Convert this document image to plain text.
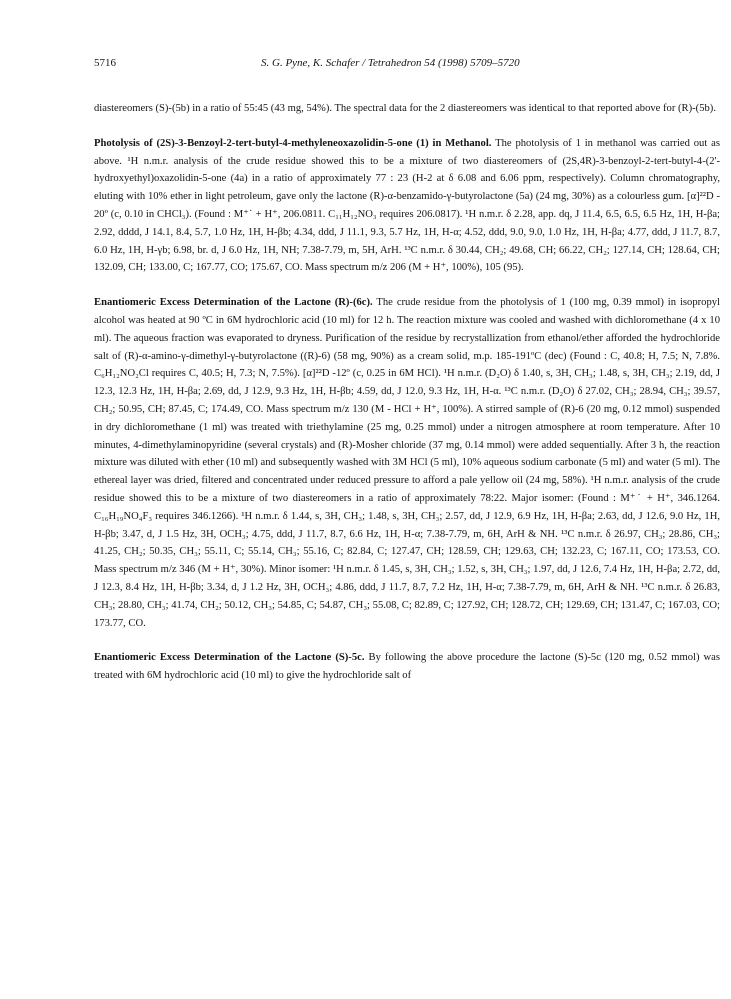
5716	S. G. Pyne, K. Schafer / Tetrahedron 54 (1998) 5709–5720

diastereomers (S)-(5b) in a ratio of 55:45 (43 mg, 54%). The spectral data for the 2 diastereomers was identical to that reported above for (R)-(5b).

Photolysis of (2S)-3-Benzoyl-2-tert-butyl-4-methyleneoxazolidin-5-one (1) in Methanol. The photolysis of 1 in methanol was carried out as above. ¹H n.m.r. analysis of the crude residue showed this to be a mixture of two diastereomers of (2S,4R)-3-benzoyl-2-tert-butyl-4-(2'-hydroxyethyl)oxazolidin-5-one (4a) in a ratio of approximately 77 : 23 (H-2 at δ 6.08 and 6.06 ppm, respectively). Column chromatography, eluting with 10% ether in light petroleum, gave only the lactone (R)-α-benzamido-γ-butyrolactone (5a) (24 mg, 30%) as a colourless gum. [α]²²D - 20º (c, 0.10 in CHCl₃). (Found : M⁺˙ + H⁺, 206.0811. C₁₁H₁₂NO₃ requires 206.0817). ¹H n.m.r. δ 2.28, app. dq, J 11.4, 6.5, 6.5, 6.5 Hz, 1H, H-βa; 2.92, dddd, J 14.1, 8.4, 5.7, 1.0 Hz, 1H, H-βb; 4.34, ddd, J 11.1, 9.3, 5.7 Hz, 1H, H-α; 4.52, ddd, 9.0, 9.0, 1.0 Hz, 1H, H-βa; 4.77, ddd, J 11.7, 8.7, 6.0 Hz, 1H, H-γb; 6.98, br. d, J 6.0 Hz, 1H, NH; 7.38-7.79, m, 5H, ArH. ¹³C n.m.r. δ 30.44, CH₂; 49.68, CH; 66.22, CH₂; 127.14, CH; 128.64, CH; 132.09, CH; 133.00, C; 167.77, CO; 175.67, CO. Mass spectrum m/z 206 (M + H⁺, 100%), 105 (95).

Enantiomeric Excess Determination of the Lactone (R)-(6c). The crude residue from the photolysis of 1 (100 mg, 0.39 mmol) in isopropyl alcohol was heated at 90 ºC in 6M hydrochloric acid (10 ml) for 12 h. The reaction mixture was cooled and washed with dichloromethane (4 x 10 ml). The aqueous fraction was evaporated to dryness. Purification of the residue by recrystallization from ethanol/ether afforded the hydrochloride salt of (R)-α-amino-γ-dimethyl-γ-butyrolactone ((R)-6) (58 mg, 90%) as a cream solid, m.p. 185-191ºC (dec) (Found : C, 40.8; H, 7.5; N, 7.8%. C₆H₁₂NO₂Cl requires C, 40.5; H, 7.3; N, 7.5%). [α]²²D -12º (c, 0.25 in 6M HCl). ¹H n.m.r. (D₂O) δ 1.40, s, 3H, CH₃; 1.48, s, 3H, CH₃; 2.19, dd, J 12.3, 12.3 Hz, 1H, H-βa; 2.69, dd, J 12.9, 9.3 Hz, 1H, H-βb; 4.59, dd, J 12.0, 9.3 Hz, 1H, H-α. ¹³C n.m.r. (D₂O) δ 27.02, CH₃; 28.94, CH₃; 39.57, CH₂; 50.95, CH; 87.45, C; 174.49, CO. Mass spectrum m/z 130 (M - HCl + H⁺, 100%). A stirred sample of (R)-6 (20 mg, 0.12 mmol) suspended in dry dichloromethane (1 ml) was treated with triethylamine (25 mg, 0.25 mmol) under a nitrogen atmosphere at room temperature. After 10 minutes, 4-dimethylaminopyridine (several crystals) and (R)-Mosher chloride (37 mg, 0.14 mmol) were added sequentially. After 3 h, the reaction mixture was diluted with ether (10 ml) and subsequently washed with 3M HCl (5 ml), 10% aqueous sodium carbonate (5 ml) and water (5 ml). The ethereal layer was dried, filtered and concentrated under reduced pressure to afford a pale yellow oil (24 mg, 58%). ¹H n.m.r. analysis of the crude residue showed this to be a mixture of two diastereomers in a ratio of approximately 78:22. Major isomer: (Found : M⁺˙ + H⁺, 346.1264. C₁₆H₁₉NO₄F₃ requires 346.1266). ¹H n.m.r. δ 1.44, s, 3H, CH₃; 1.48, s, 3H, CH₃; 2.57, dd, J 12.9, 6.9 Hz, 1H, H-βa; 2.63, dd, J 12.6, 9.0 Hz, 1H, H-βb; 3.47, d, J 1.5 Hz, 3H, OCH₃; 4.75, ddd, J 11.7, 8.7, 6.6 Hz, 1H, H-α; 7.38-7.79, m, 6H, ArH & NH. ¹³C n.m.r. δ 26.97, CH₃; 28.86, CH₃; 41.25, CH₂; 50.35, CH₃; 55.11, C; 55.14, CH₃; 55.16, C; 82.84, C; 127.47, CH; 128.59, CH; 129.63, CH; 132.23, C; 167.11, CO; 173.53, CO. Mass spectrum m/z 346 (M + H⁺, 30%). Minor isomer: ¹H n.m.r. δ 1.45, s, 3H, CH₃; 1.52, s, 3H, CH₃; 1.97, dd, J 12.6, 7.4 Hz, 1H, H-βa; 2.72, dd, J 12.3, 8.4 Hz, 1H, H-βb; 3.34, d, J 1.2 Hz, 3H, OCH₃; 4.86, ddd, J 11.7, 8.7, 7.2 Hz, 1H, H-α; 7.38-7.79, m, 6H, ArH & NH. ¹³C n.m.r. δ 26.83, CH₃; 28.80, CH₃; 41.74, CH₂; 50.12, CH₃; 54.85, C; 54.87, CH₃; 55.08, C; 82.89, C; 127.92, CH; 128.72, CH; 129.69, CH; 131.47, C; 167.03, CO; 173.77, CO.

Enantiomeric Excess Determination of the Lactone (S)-5c. By following the above procedure the lactone (S)-5c (120 mg, 0.52 mmol) was treated with 6M hydrochloric acid (10 ml) to give the hydrochloride salt of
